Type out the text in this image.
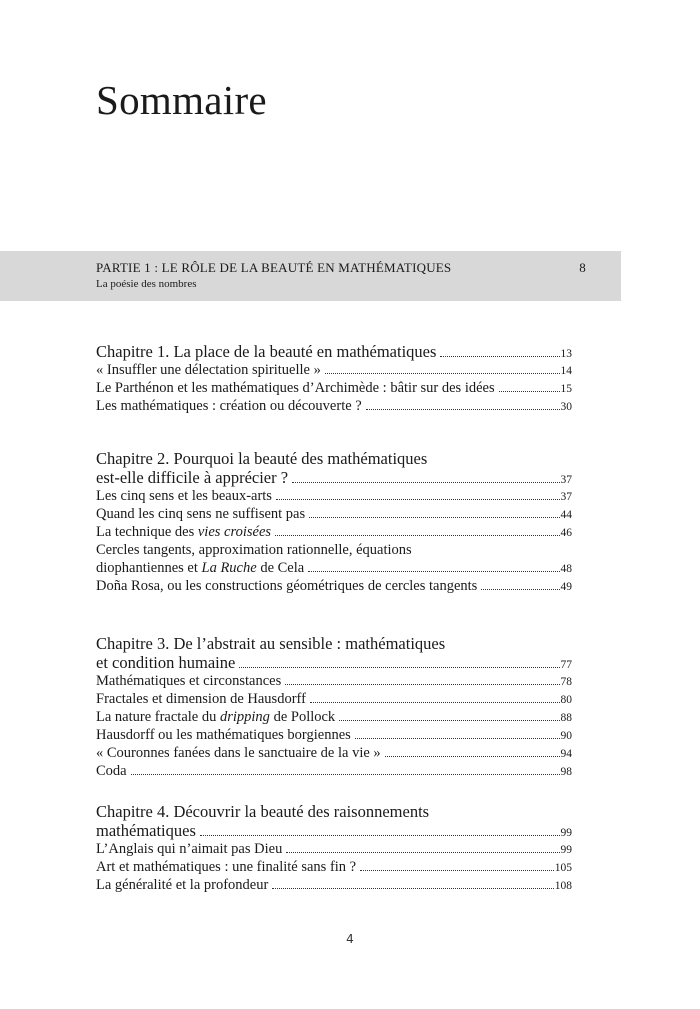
Sommaire
PARTIE 1 : LE RÔLE DE LA BEAUTÉ EN MATHÉMATIQUES	8
La poésie des nombres
Chapitre 1. La place de la beauté en mathématiques	13
« Insuffler une délectation spirituelle »	14
Le Parthénon et les mathématiques d’Archimède : bâtir sur des idées	15
Les mathématiques : création ou découverte ?	30
Chapitre 2. Pourquoi la beauté des mathématiques
est-elle difficile à apprécier ?	37
Les cinq sens et les beaux-arts	37
Quand les cinq sens ne suffisent pas	44
La technique des vies croisées	46
Cercles tangents, approximation rationnelle, équations
diophantiennes et La Ruche de Cela	48
Doña Rosa, ou les constructions géométriques de cercles tangents	49
Chapitre 3. De l’abstrait au sensible : mathématiques
et condition humaine	77
Mathématiques et circonstances	78
Fractales et dimension de Hausdorff	80
La nature fractale du dripping de Pollock	88
Hausdorff ou les mathématiques borgiennes	90
« Couronnes fanées dans le sanctuaire de la vie »	94
Coda	98
Chapitre 4. Découvrir la beauté des raisonnements
mathématiques	99
L’Anglais qui n’aimait pas Dieu	99
Art et mathématiques : une finalité sans fin ?	105
La généralité et la profondeur	108
4
